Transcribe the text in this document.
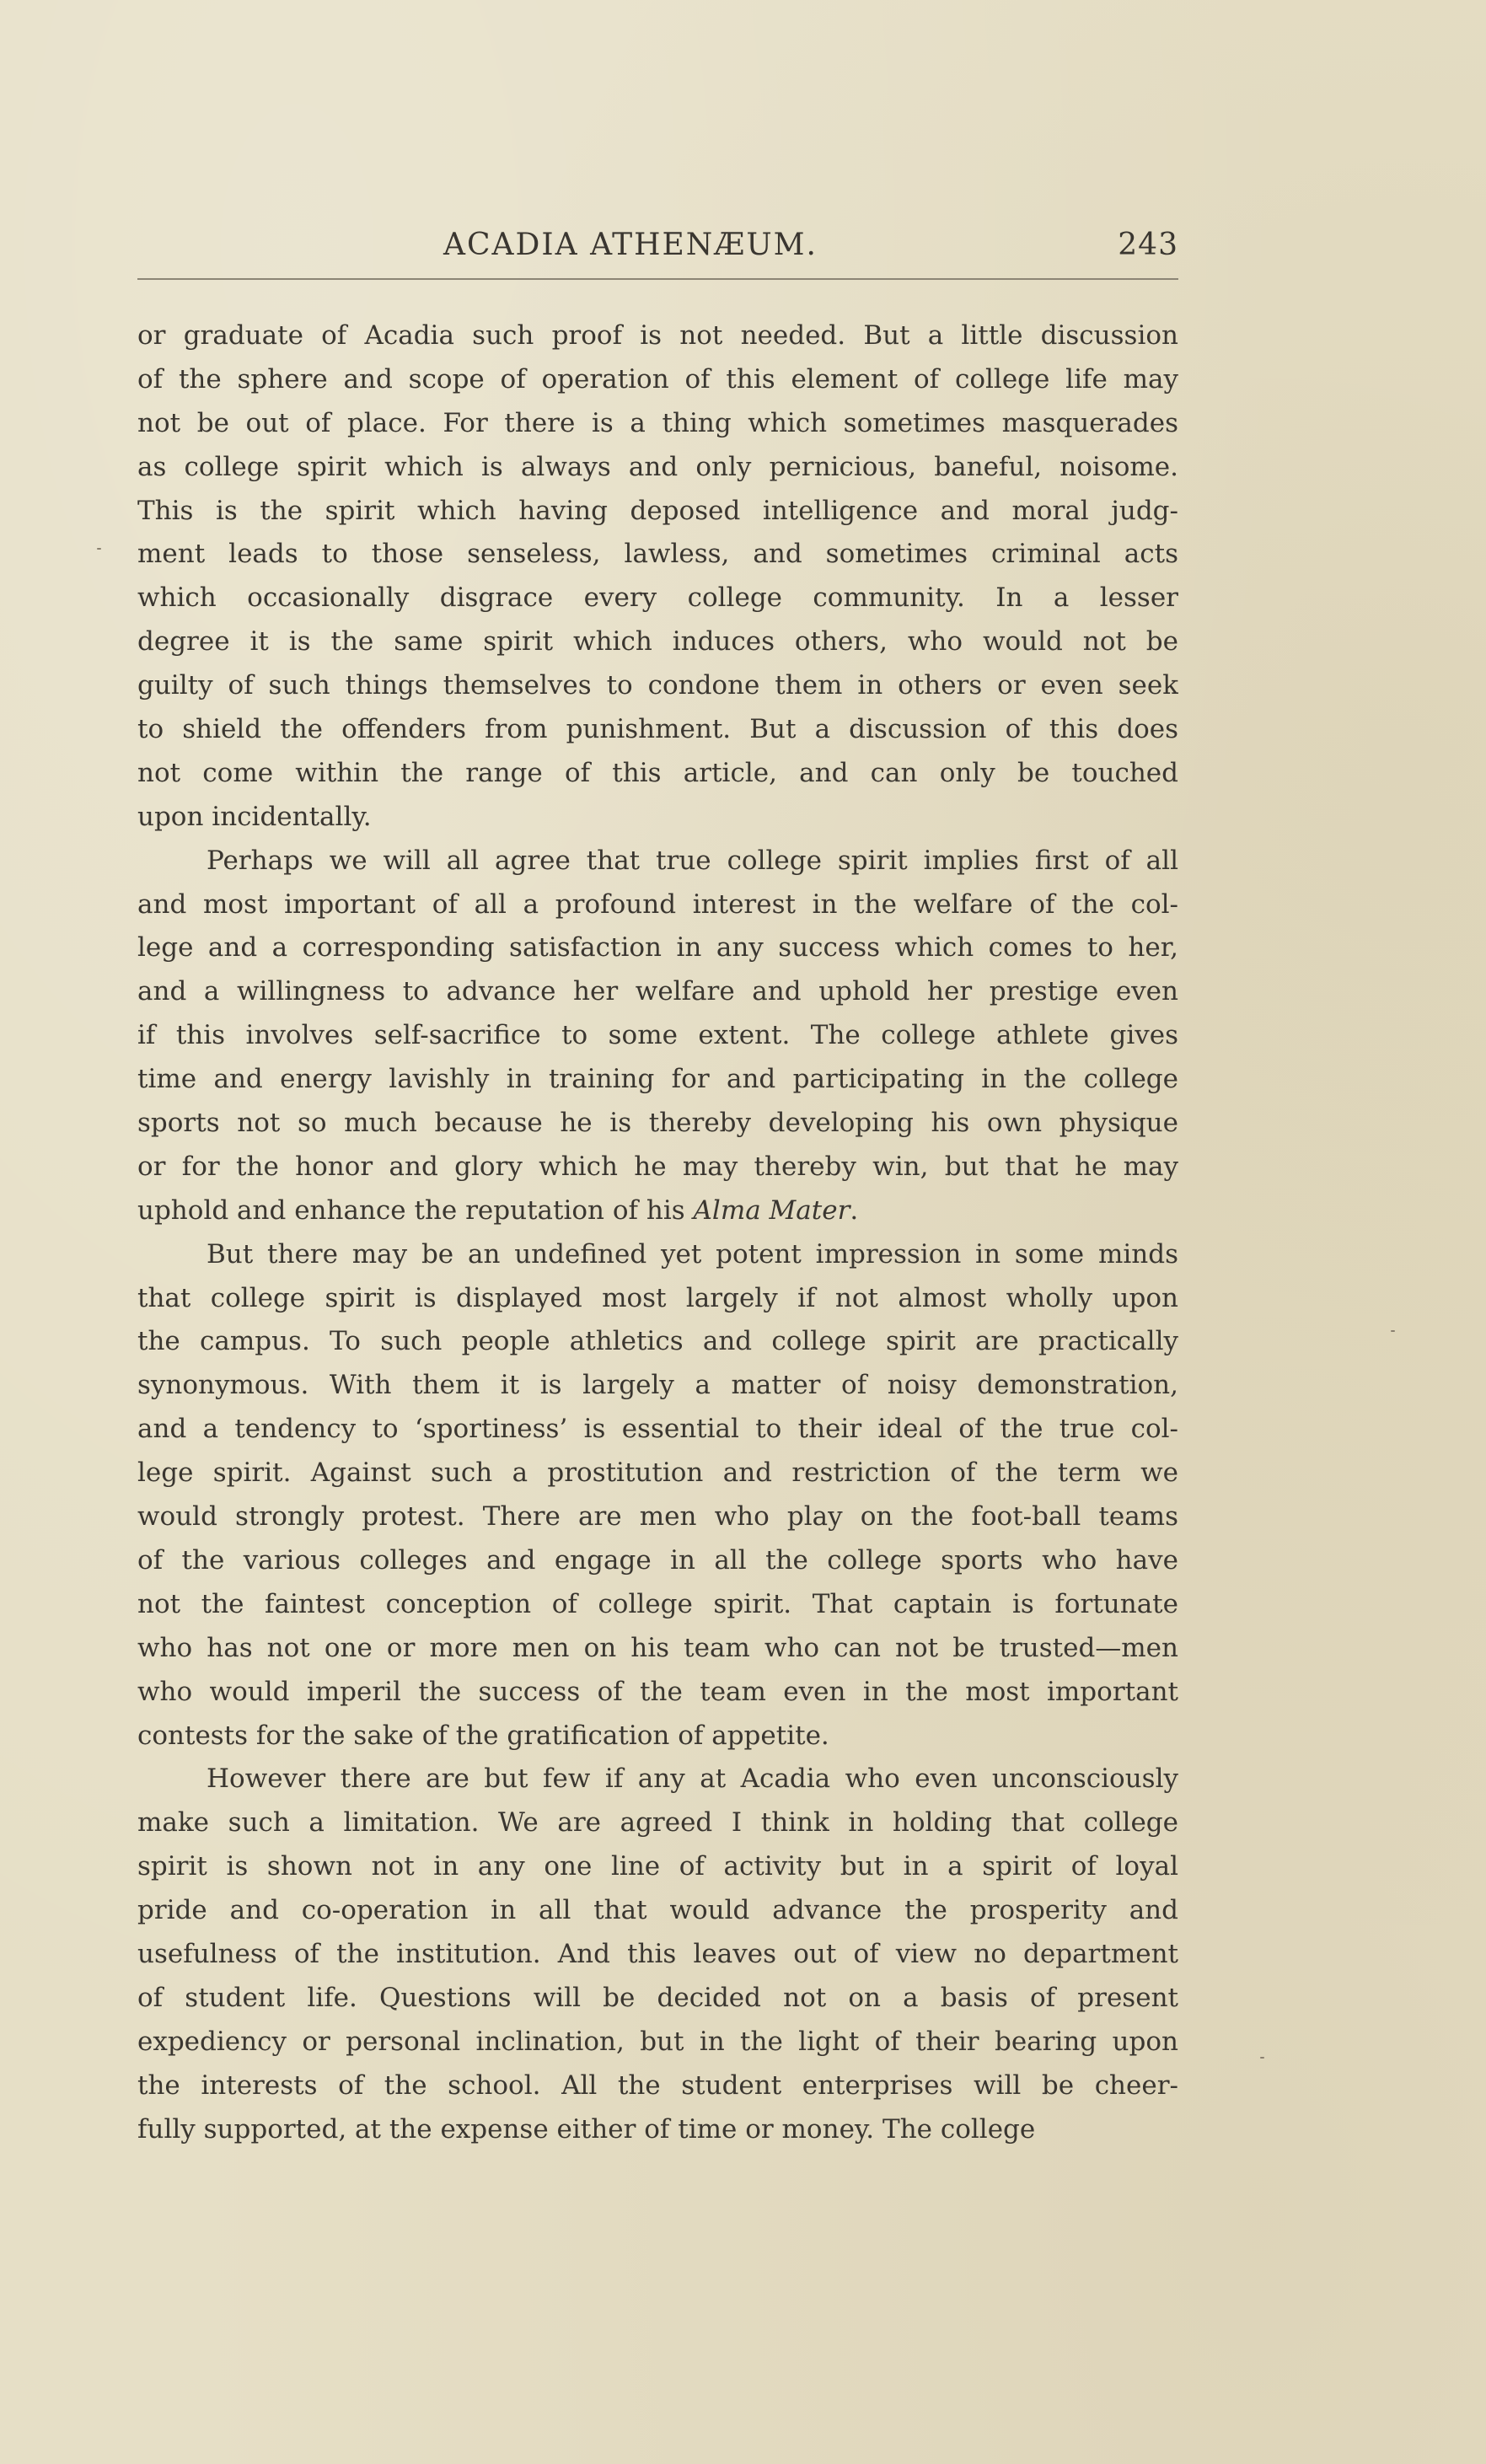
ACADIA ATHENÆUM.	243
or graduate of Acadia such proof is not needed. But a little discussion
of the sphere and scope of operation of this element of college life may
not be out of place. For there is a thing which sometimes masquerades
as college spirit which is always and only pernicious, baneful, noisome.
This is the spirit which having deposed intelligence and moral judg-
ment leads to those senseless, lawless, and sometimes criminal acts
which occasionally disgrace every college community. In a lesser
degree it is the same spirit which induces others, who would not be
guilty of such things themselves to condone them in others or even seek
to shield the offenders from punishment. But a discussion of this does
not come within the range of this article, and can only be touched
upon incidentally.
Perhaps we will all agree that true college spirit implies first of all
and most important of all a profound interest in the welfare of the col-
lege and a corresponding satisfaction in any success which comes to her,
and a willingness to advance her welfare and uphold her prestige even
if this involves self-sacrifice to some extent. The college athlete gives
time and energy lavishly in training for and participating in the college
sports not so much because he is thereby developing his own physique
or for the honor and glory which he may thereby win, but that he may
uphold and enhance the reputation of his Alma Mater.
But there may be an undefined yet potent impression in some minds
that college spirit is displayed most largely if not almost wholly upon
the campus. To such people athletics and college spirit are practically
synonymous. With them it is largely a matter of noisy demonstration,
and a tendency to ‘sportiness’ is essential to their ideal of the true col-
lege spirit. Against such a prostitution and restriction of the term we
would strongly protest. There are men who play on the foot-ball teams
of the various colleges and engage in all the college sports who have
not the faintest conception of college spirit. That captain is fortunate
who has not one or more men on his team who can not be trusted—men
who would imperil the success of the team even in the most important
contests for the sake of the gratification of appetite.
However there are but few if any at Acadia who even unconsciously
make such a limitation. We are agreed I think in holding that college
spirit is shown not in any one line of activity but in a spirit of loyal
pride and co-operation in all that would advance the prosperity and
usefulness of the institution. And this leaves out of view no department
of student life. Questions will be decided not on a basis of present
expediency or personal inclination, but in the light of their bearing upon
the interests of the school. All the student enterprises will be cheer-
fully supported, at the expense either of time or money. The college
